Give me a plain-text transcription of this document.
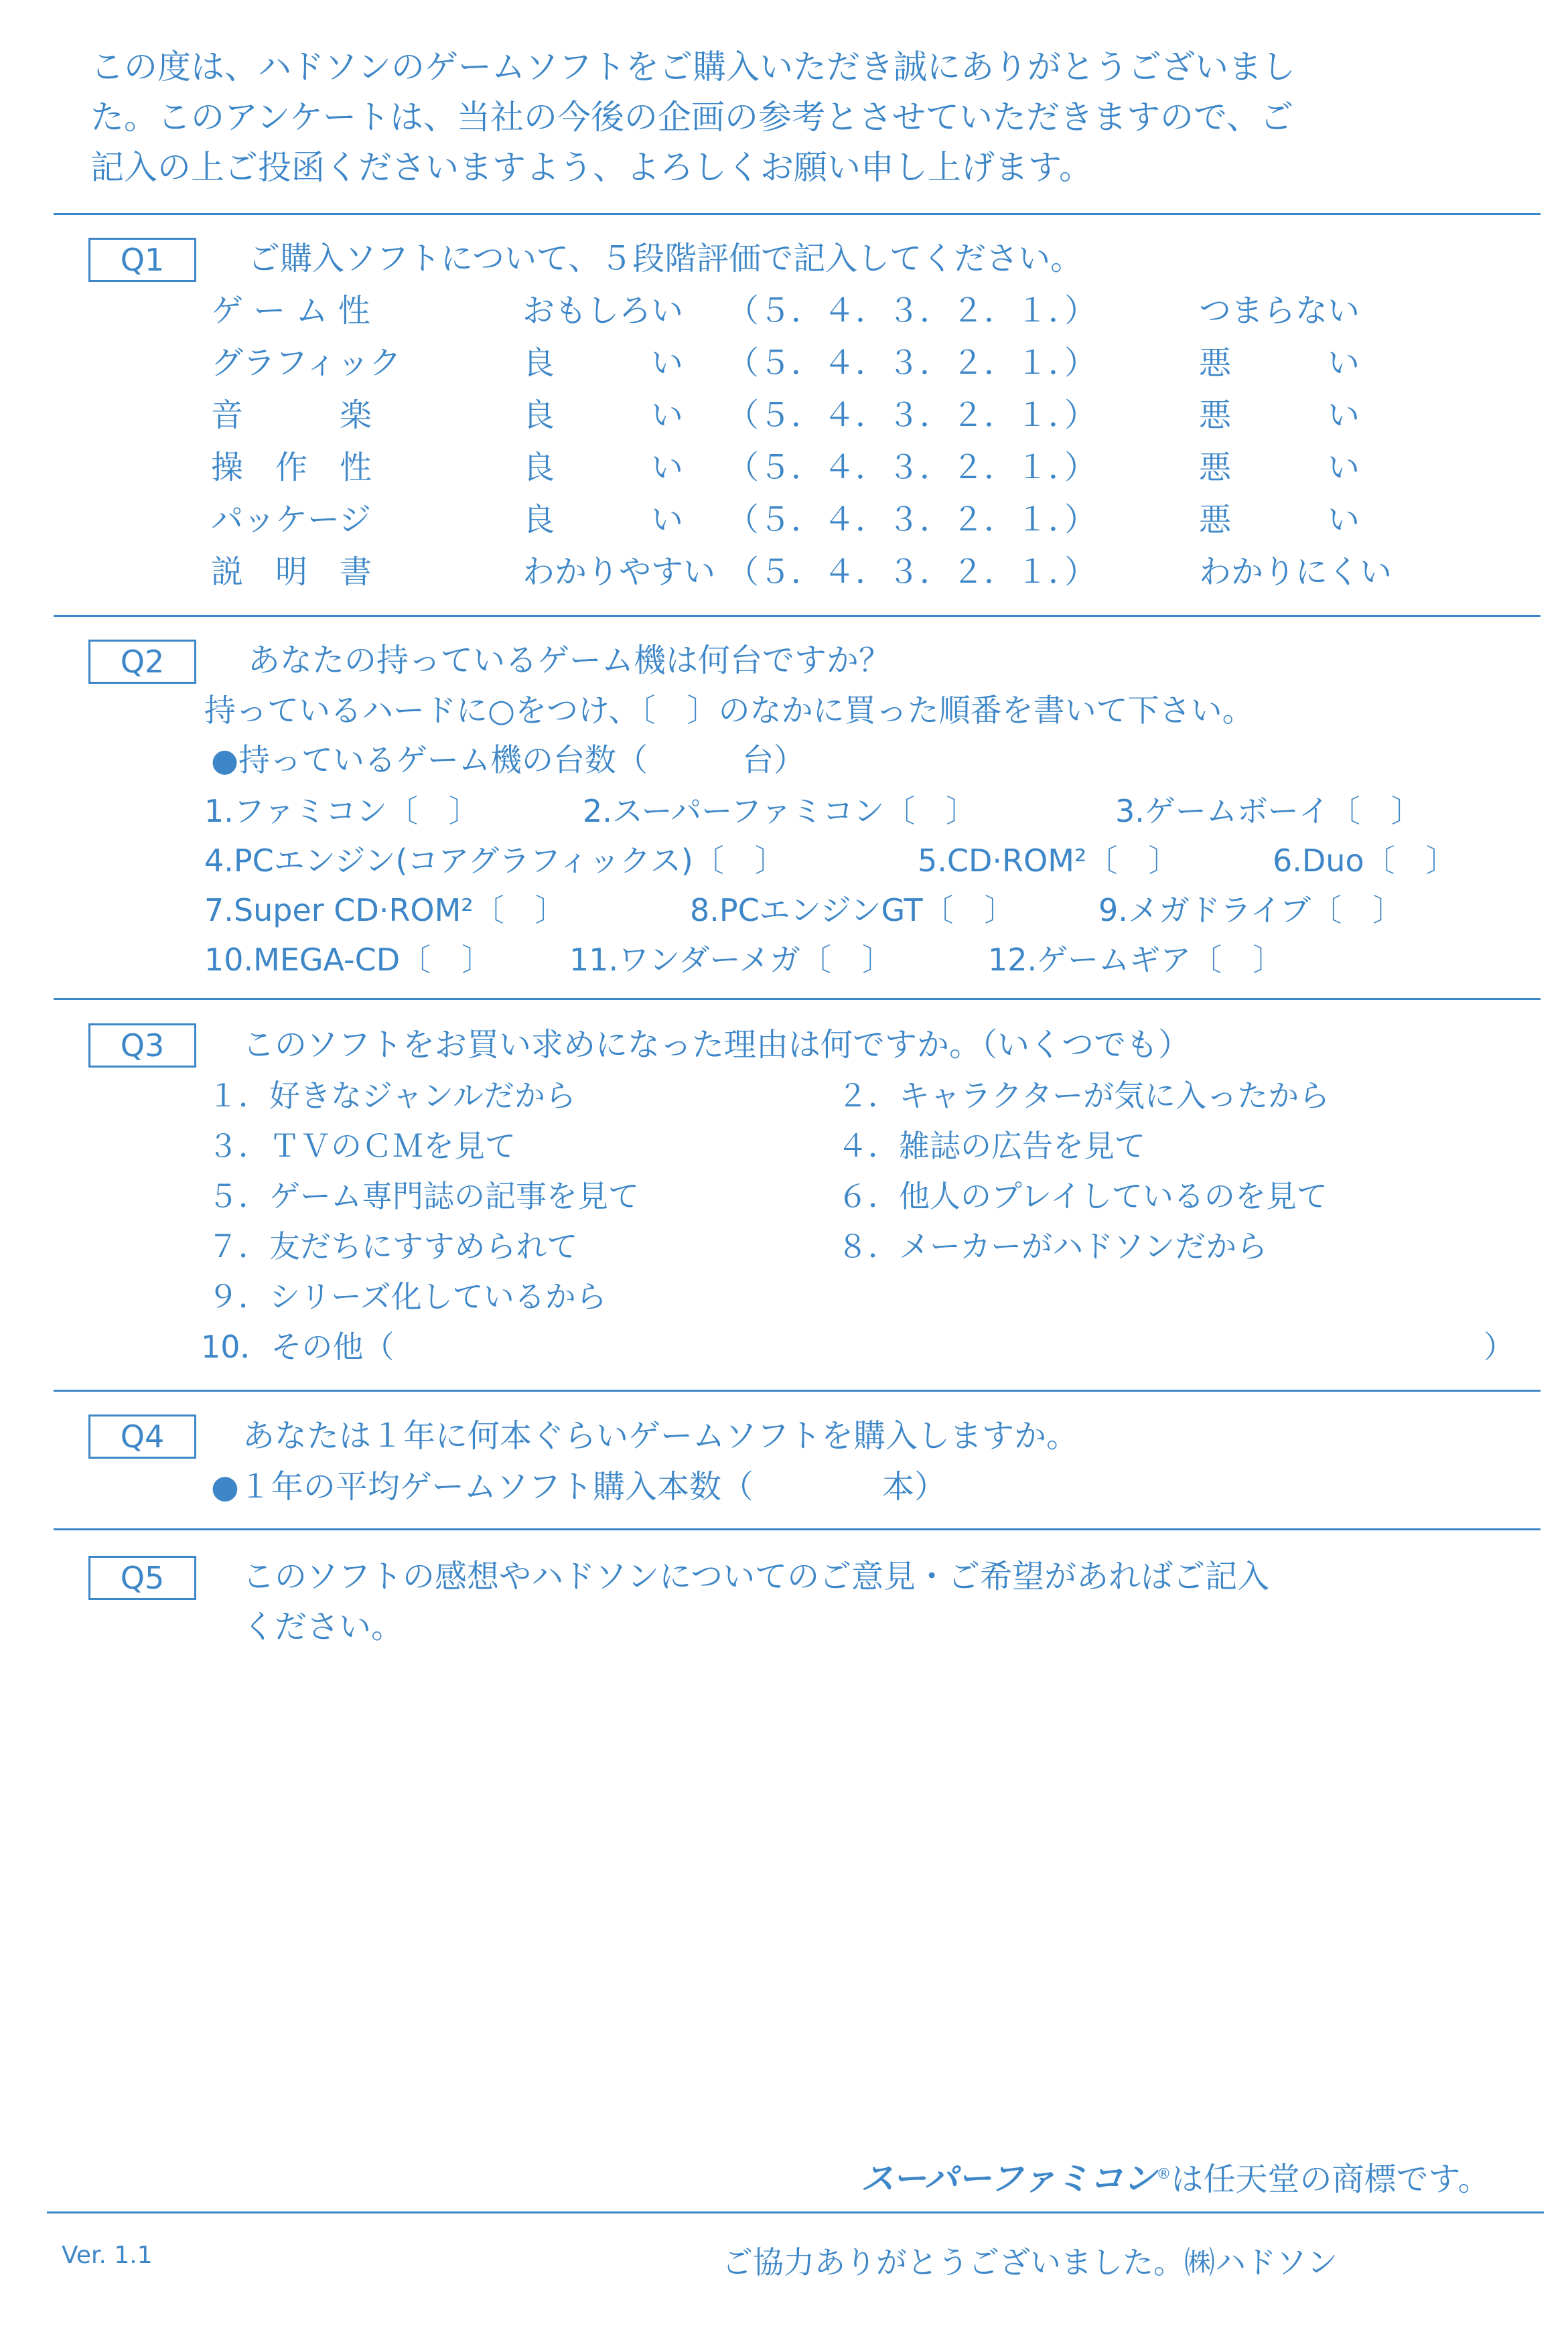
この度は、ハドソンのゲームソフトをご購入いただき誠にありがとうございまし
た。このアンケートは、当社の今後の企画の参考とさせていただきますので、ご
記入の上ご投函くださいますよう、よろしくお願い申し上げます。
Q1	ご購入ソフトについて、５段階評価で記入してください。
ゲ ー ム 性	おもしろい （５．４．３．２．１．）	つまらない
グラフィック	良　　　い （５．４．３．２．１．）	悪　　　い
音　　　楽	良　　　い （５．４．３．２．１．）	悪　　　い
操　作　性	良　　　い （５．４．３．２．１．）	悪　　　い
パッケージ	良　　　い （５．４．３．２．１．）	悪　　　い
説　明　書	わかりやすい （５．４．３．２．１．）	わかりにくい
Q2	あなたの持っているゲーム機は何台ですか？
持っているハードに○をつけ、〔　〕のなかに買った順番を書いて下さい。
●持っているゲーム機の台数（　　　台）
1.ファミコン〔　〕	2.スーパーファミコン〔　〕	3.ゲームボーイ〔　〕
4.PCエンジン(コアグラフィックス)〔　〕	5.CD·ROM²〔　〕	6.Duo〔　〕
7.Super CD·ROM²〔　〕	8.PCエンジンGT〔　〕	9.メガドライブ〔　〕
10.MEGA-CD〔　〕 11.ワンダーメガ〔　〕	12.ゲームギア〔　〕
Q3	このソフトをお買い求めになった理由は何ですか。（いくつでも）
１．好きなジャンルだから	２．キャラクターが気に入ったから
３．ＴＶのＣＭを見て	４．雑誌の広告を見て
５．ゲーム専門誌の記事を見て	６．他人のプレイしているのを見て
７．友だちにすすめられて	８．メーカーがハドソンだから
９．シリーズ化しているから
10．その他（	）
Q4	あなたは１年に何本ぐらいゲームソフトを購入しますか。
●１年の平均ゲームソフト購入本数（　　　　本）
Q5	このソフトの感想やハドソンについてのご意見・ご希望があればご記入
ください。
スーパーファミコン®は任天堂の商標です。
Ver. 1.1	ご協力ありがとうございました。㈱ハドソン
